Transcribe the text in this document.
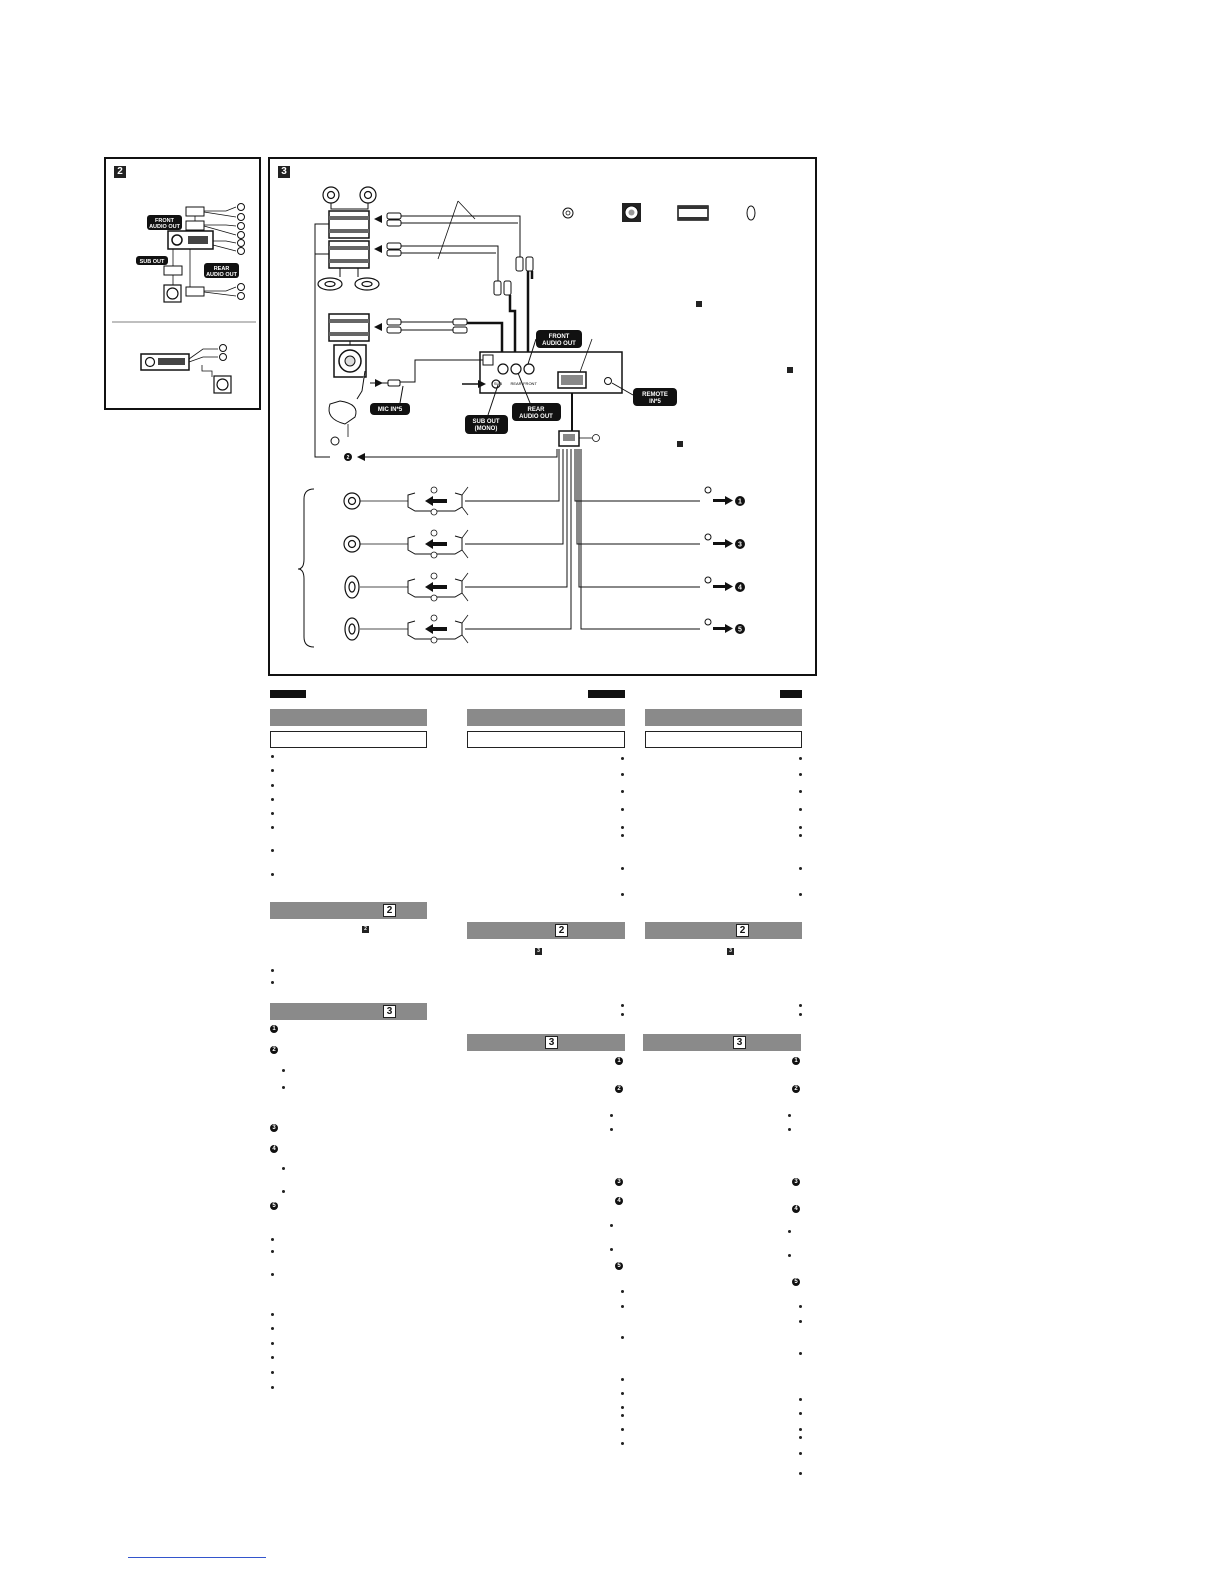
2
FRONT
AUDIO OUT
SUB OUT
REAR
AUDIO OUT
3
SUB REAR FRONT
2
FRONT
AUDIO OUT
MIC IN*5	REAR
AUDIO OUT
SUB OUT
(MONO)
REMOTE
IN*5
1
3
4
5
2
2
3
1
2
3
4
5
2
3
3
1
2
3
4
5
2
3
3
1
2
3
4
5
